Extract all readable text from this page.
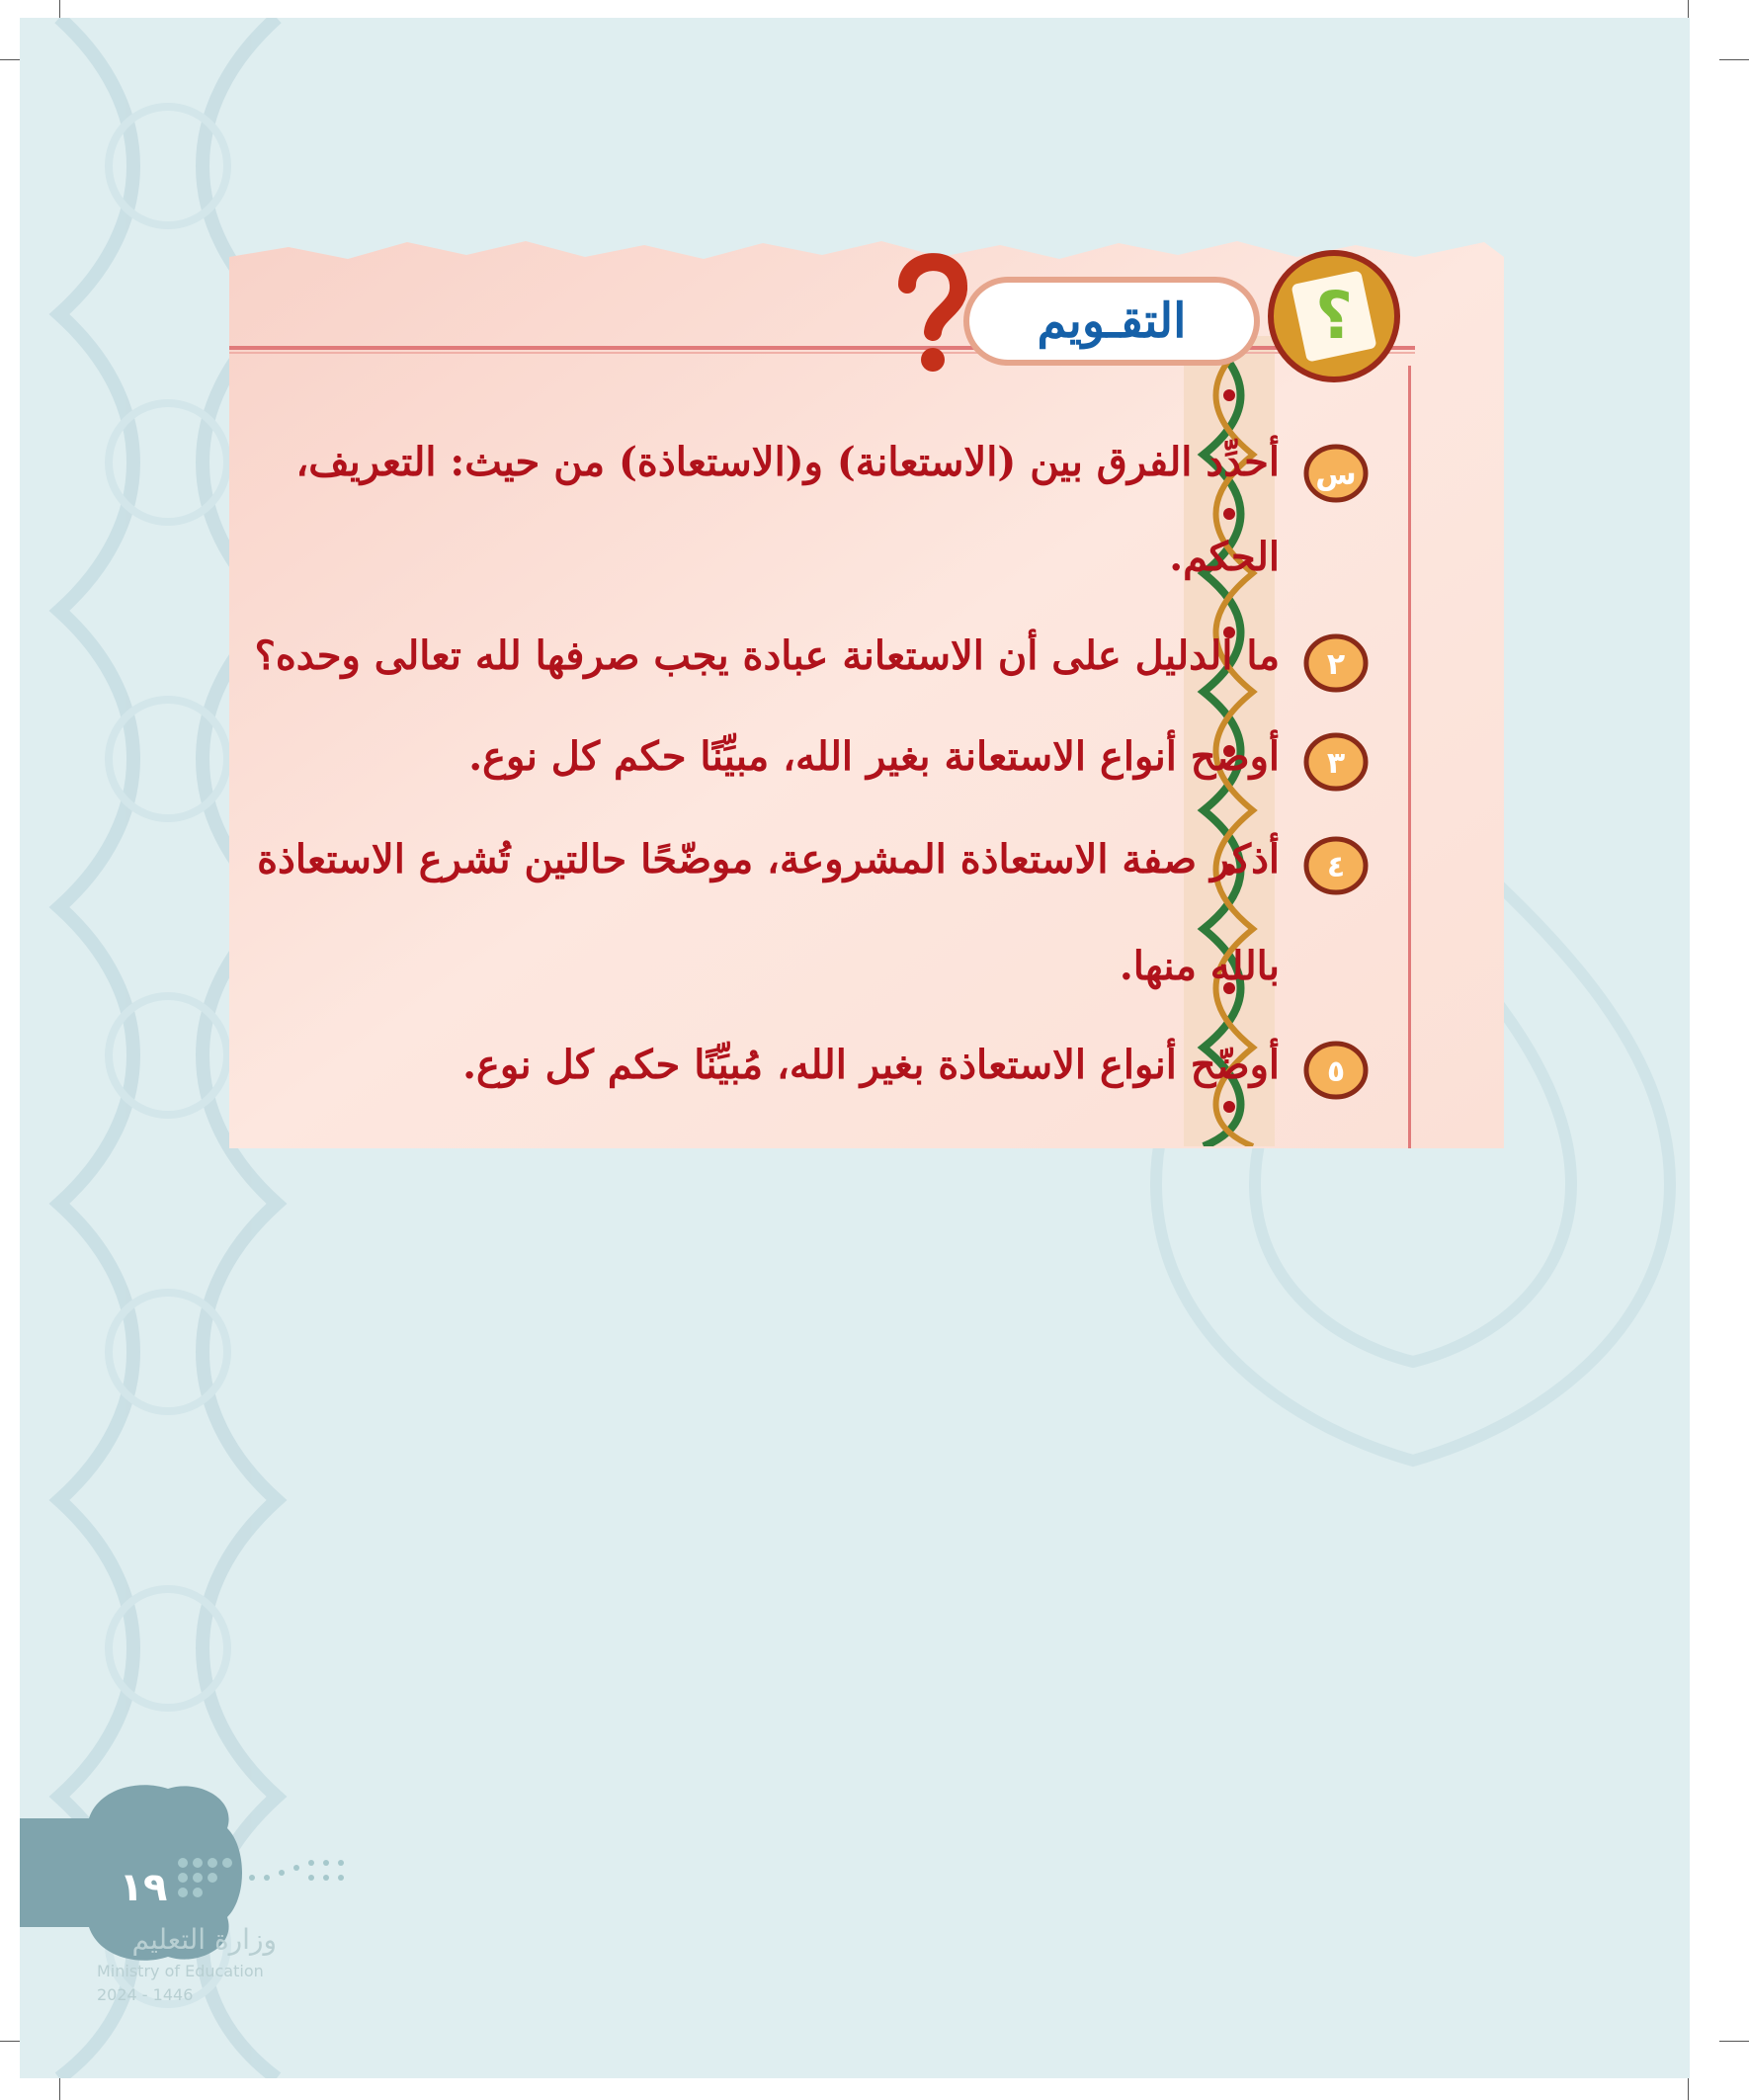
التقـويم	؟
س
أحدِّد الفرق بين (الاستعانة) و(الاستعاذة) من حيث: التعريف،
الحكم.
٢
ما الدليل على أن الاستعانة عبادة يجب صرفها لله تعالى وحده؟
٣
أوضح أنواع الاستعانة بغير الله، مبيِّنًا حكم كل نوع.
٤
أذكر صفة الاستعاذة المشروعة، موضّحًا حالتين تُشرع الاستعاذة
بالله منها.
٥
أوضّح أنواع الاستعاذة بغير الله، مُبيِّنًا حكم كل نوع.
١٩
وزارة التعليم
Ministry of Education
2024 - 1446
